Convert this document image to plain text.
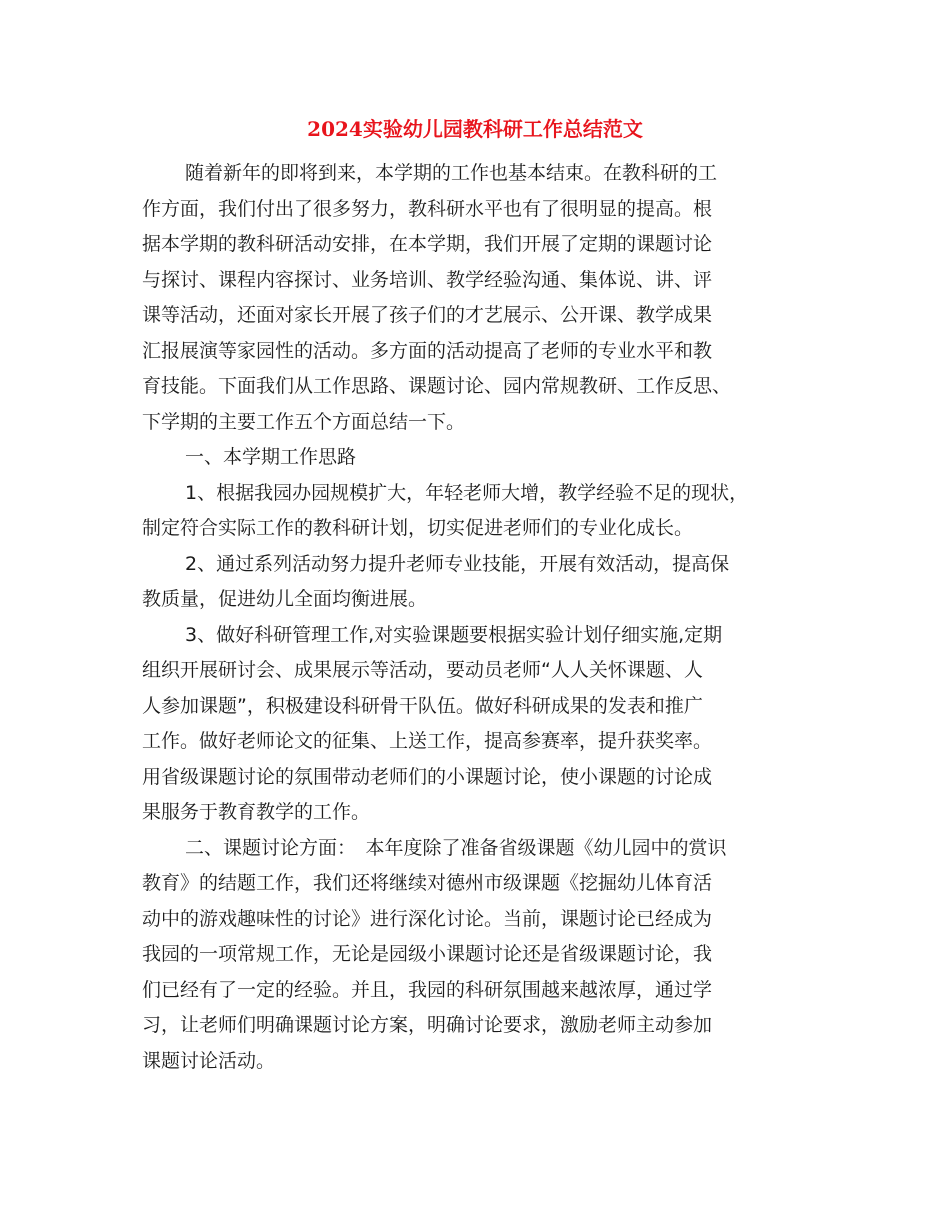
2024实验幼儿园教科研工作总结范文

随着新年的即将到来，本学期的工作也基本结束。在教科研的工

作方面，我们付出了很多努力，教科研水平也有了很明显的提高。根

据本学期的教科研活动安排，在本学期，我们开展了定期的课题讨论

与探讨、课程内容探讨、业务培训、教学经验沟通、集体说、讲、评

课等活动，还面对家长开展了孩子们的才艺展示、公开课、教学成果

汇报展演等家园性的活动。多方面的活动提高了老师的专业水平和教

育技能。下面我们从工作思路、课题讨论、园内常规教研、工作反思、

下学期的主要工作五个方面总结一下。

一、本学期工作思路

1、根据我园办园规模扩大，年轻老师大增，教学经验不足的现状，

制定符合实际工作的教科研计划，切实促进老师们的专业化成长。

2、通过系列活动努力提升老师专业技能，开展有效活动，提高保

教质量，促进幼儿全面均衡进展。

3、做好科研管理工作,对实验课题要根据实验计划仔细实施,定期

组织开展研讨会、成果展示等活动，要动员老师“人人关怀课题、人

人参加课题”，积极建设科研骨干队伍。做好科研成果的发表和推广

工作。做好老师论文的征集、上送工作，提高参赛率，提升获奖率。

用省级课题讨论的氛围带动老师们的小课题讨论，使小课题的讨论成

果服务于教育教学的工作。

二、课题讨论方面：　本年度除了准备省级课题《幼儿园中的赏识

教育》的结题工作，我们还将继续对德州市级课题《挖掘幼儿体育活

动中的游戏趣味性的讨论》进行深化讨论。当前，课题讨论已经成为

我园的一项常规工作，无论是园级小课题讨论还是省级课题讨论，我

们已经有了一定的经验。并且，我园的科研氛围越来越浓厚，通过学

习，让老师们明确课题讨论方案，明确讨论要求，激励老师主动参加

课题讨论活动。
